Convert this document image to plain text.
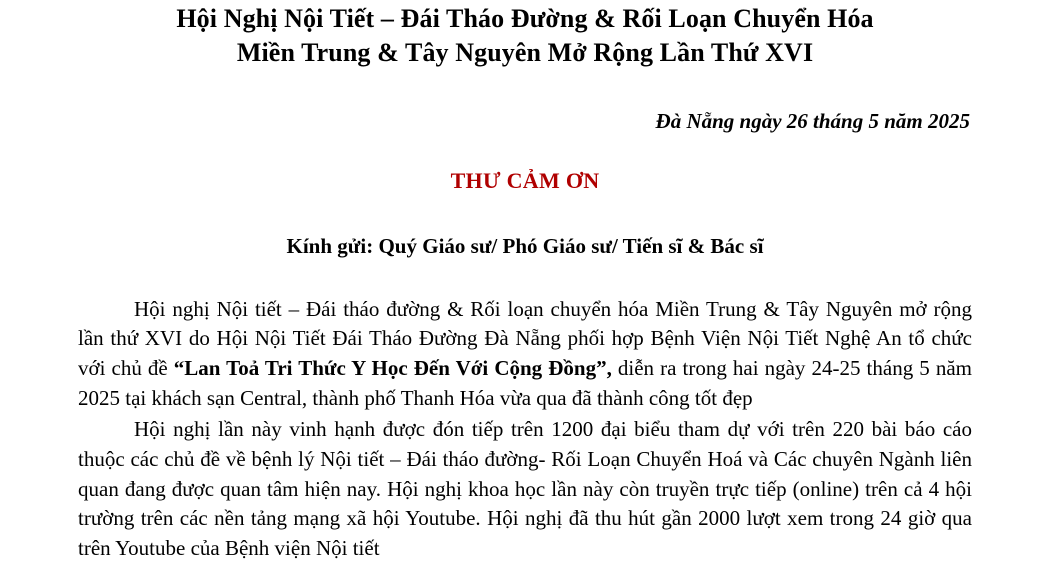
Hội Nghị Nội Tiết – Đái Tháo Đường & Rối Loạn Chuyển Hóa
Miền Trung & Tây Nguyên Mở Rộng Lần Thứ XVI
Đà Nẵng ngày 26 tháng 5 năm 2025
THƯ CẢM ƠN
Kính gửi: Quý Giáo sư/ Phó Giáo sư/ Tiến sĩ & Bác sĩ

Hội nghị Nội tiết – Đái tháo đường & Rối loạn chuyển hóa Miền Trung & Tây Nguyên mở rộng lần thứ XVI do Hội Nội Tiết Đái Tháo Đường Đà Nẵng phối hợp Bệnh Viện Nội Tiết Nghệ An tổ chức với chủ đề “Lan Toả Tri Thức Y Học Đến Với Cộng Đồng”, diễn ra trong hai ngày 24-25 tháng 5 năm 2025 tại khách sạn Central, thành phố Thanh Hóa vừa qua đã thành công tốt đẹp

Hội nghị lần này vinh hạnh được đón tiếp trên 1200 đại biểu tham dự với trên 220 bài báo cáo thuộc các chủ đề về bệnh lý Nội tiết – Đái tháo đường- Rối Loạn Chuyển Hoá và Các chuyên Ngành liên quan đang được quan tâm hiện nay. Hội nghị khoa học lần này còn truyền trực tiếp (online) trên cả 4 hội trường trên các nền tảng mạng xã hội Youtube. Hội nghị đã thu hút gần 2000 lượt xem trong 24 giờ qua trên Youtube của Bệnh viện Nội tiết
